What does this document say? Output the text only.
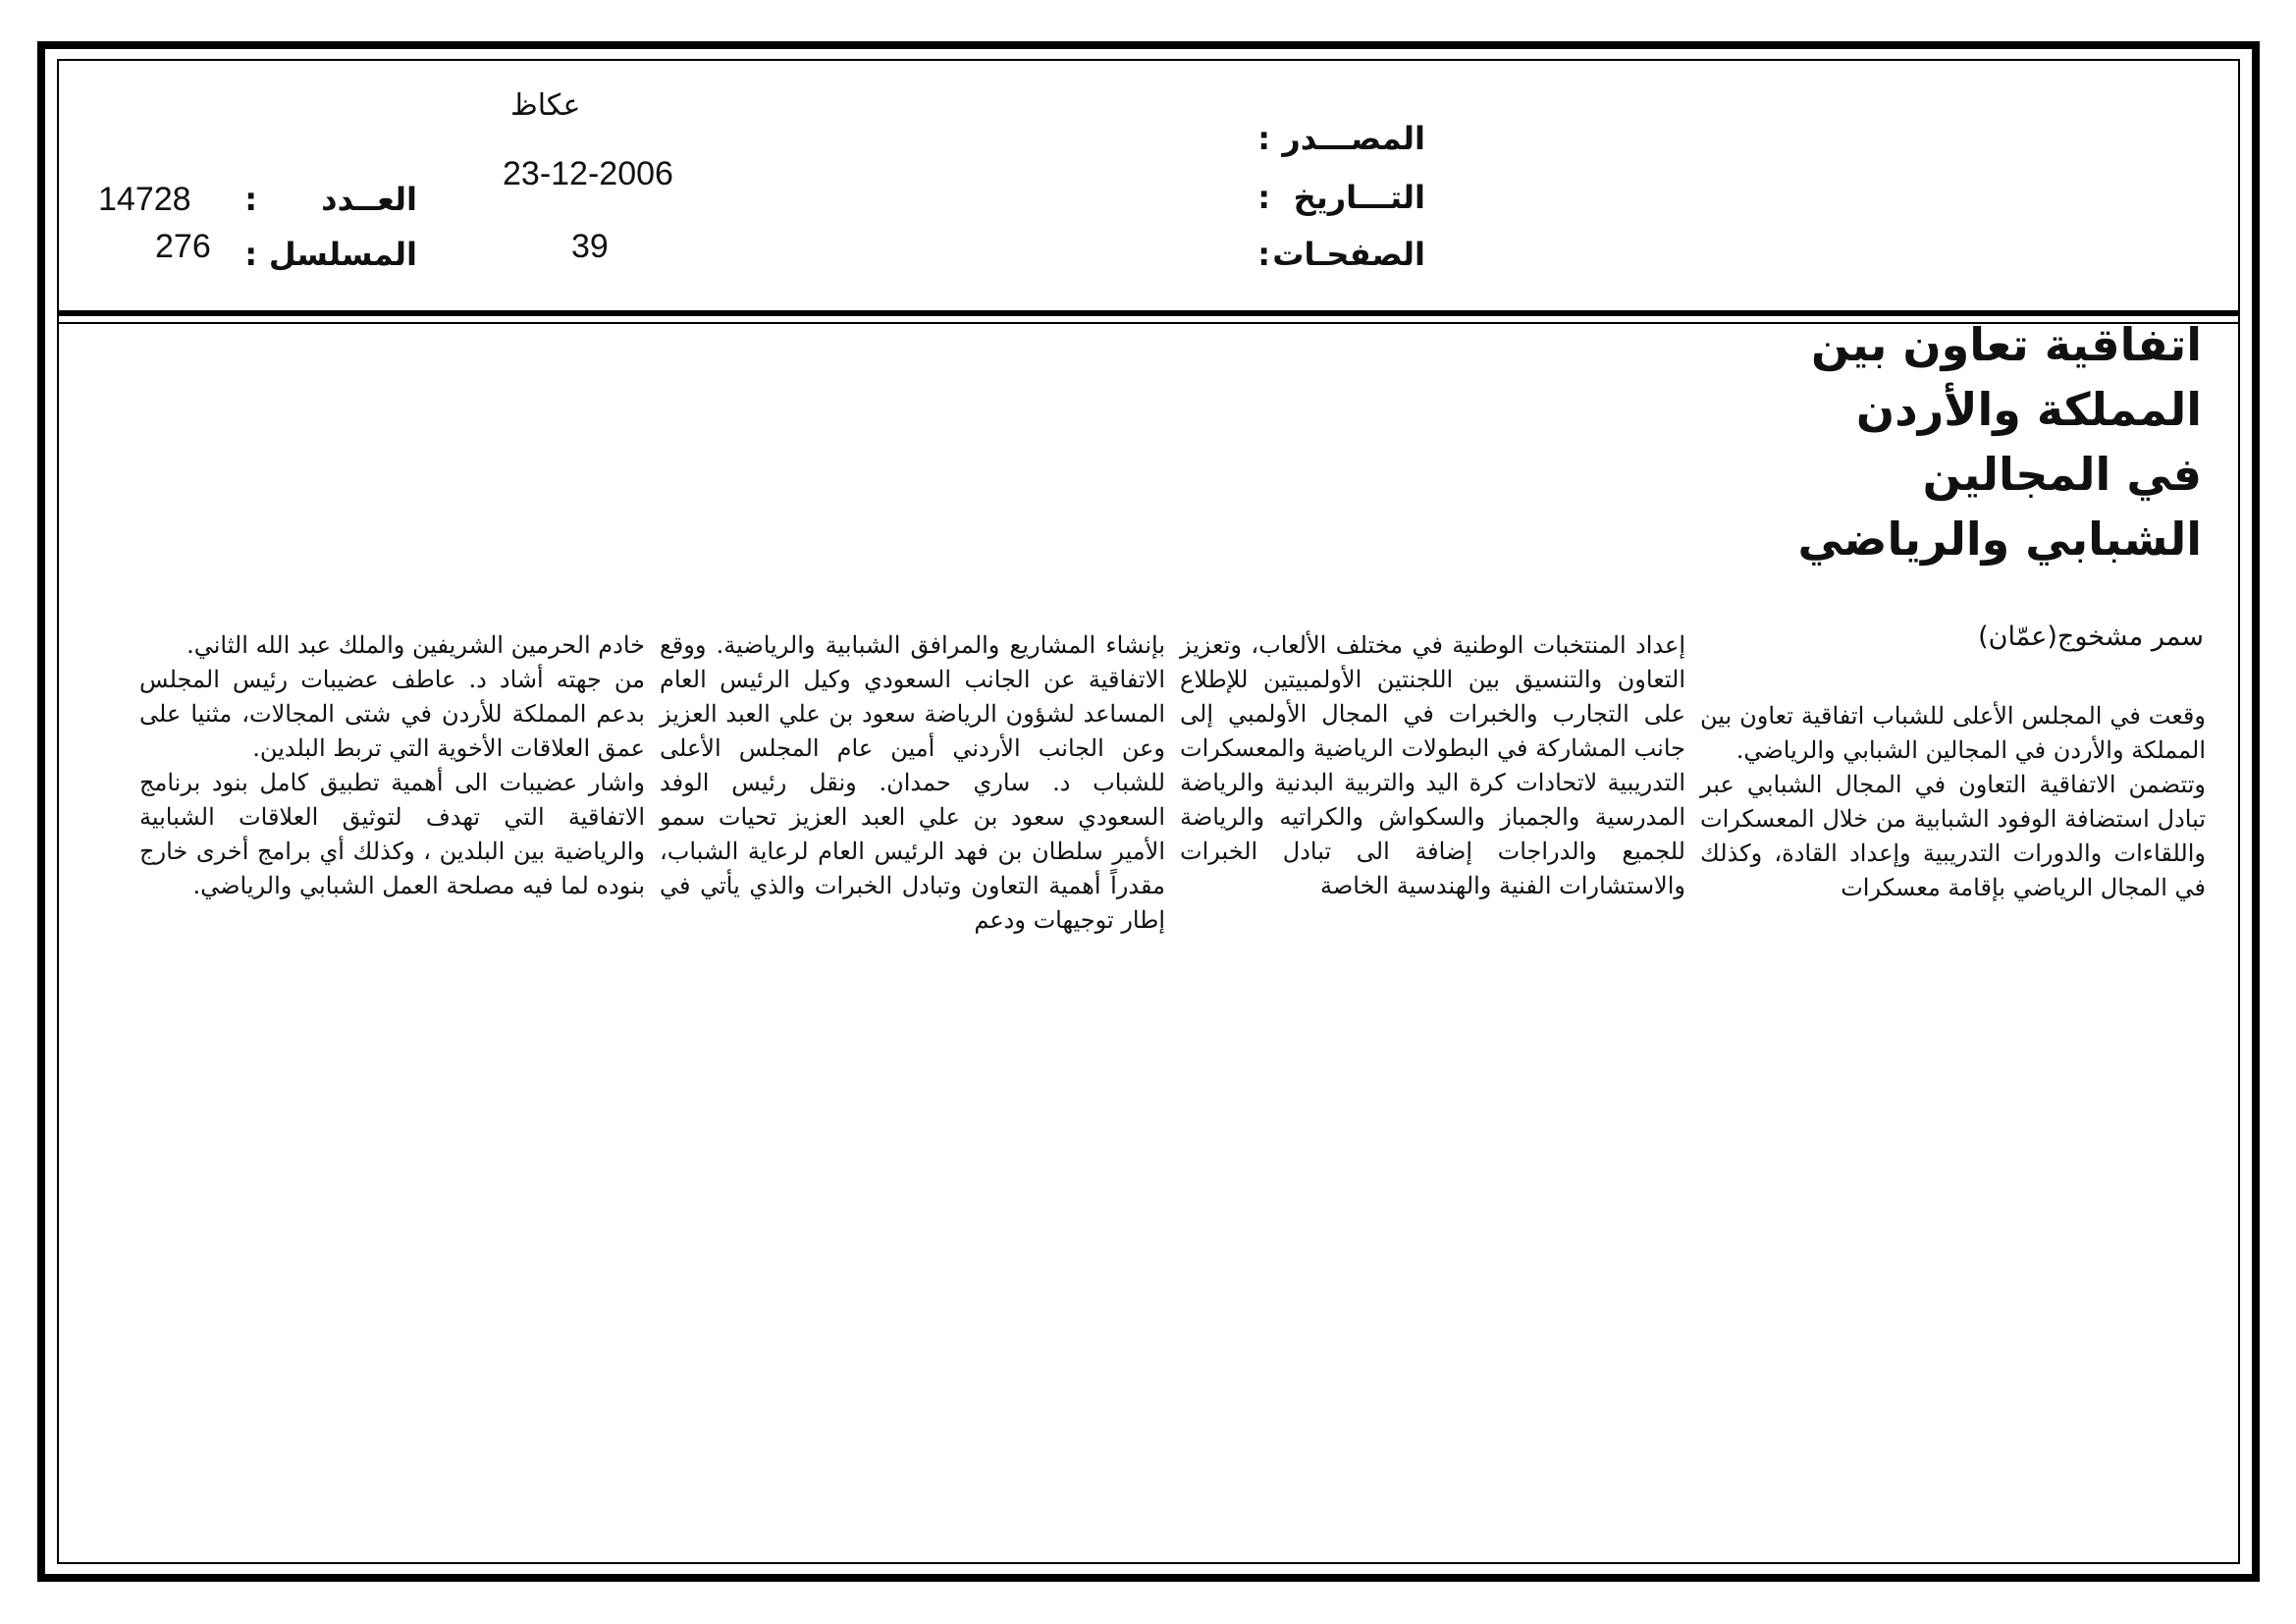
المصـــدر
:
عكاظ
التـــاريخ
:
23-12-2006
الصفحـات
:
39
العــدد
:
14728
المسلسل
:
276
اتفاقية تعاون بين
المملكة والأردن
في المجالين
الشبابي والرياضي
سمر مشخوج(عمّان)

وقعت في المجلس الأعلى للشباب اتفاقية تعاون بين المملكة والأردن في المجالين الشبابي والرياضي.

وتتضمن الاتفاقية التعاون في المجال الشبابي عبر تبادل استضافة الوفود الشبابية من خلال المعسكرات واللقاءات والدورات التدريبية وإعداد القادة، وكذلك في المجال الرياضي بإقامة معسكرات

إعداد المنتخبات الوطنية في مختلف الألعاب، وتعزيز التعاون والتنسيق بين اللجنتين الأولمبيتين للإطلاع على التجارب والخبرات في المجال الأولمبي إلى جانب المشاركة في البطولات الرياضية والمعسكرات التدريبية لاتحادات كرة اليد والتربية البدنية والرياضة المدرسية والجمباز والسكواش والكراتيه والرياضة للجميع والدراجات إضافة الى تبادل الخبرات والاستشارات الفنية والهندسية الخاصة

بإنشاء المشاريع والمرافق الشبابية والرياضية. ووقع الاتفاقية عن الجانب السعودي وكيل الرئيس العام المساعد لشؤون الرياضة سعود بن علي العبد العزيز وعن الجانب الأردني أمين عام المجلس الأعلى للشباب د. ساري حمدان. ونقل رئيس الوفد السعودي سعود بن علي العبد العزيز تحيات سمو الأمير سلطان بن فهد الرئيس العام لرعاية الشباب، مقدراً أهمية التعاون وتبادل الخبرات والذي يأتي في إطار توجيهات ودعم

خادم الحرمين الشريفين والملك عبد الله الثاني.

من جهته أشاد د. عاطف عضيبات رئيس المجلس بدعم المملكة للأردن في شتى المجالات، مثنيا على عمق العلاقات الأخوية التي تربط البلدين.

واشار عضيبات الى أهمية تطبيق كامل بنود برنامج الاتفاقية التي تهدف لتوثيق العلاقات الشبابية والرياضية بين البلدين ، وكذلك أي برامج أخرى خارج بنوده لما فيه مصلحة العمل الشبابي والرياضي.
